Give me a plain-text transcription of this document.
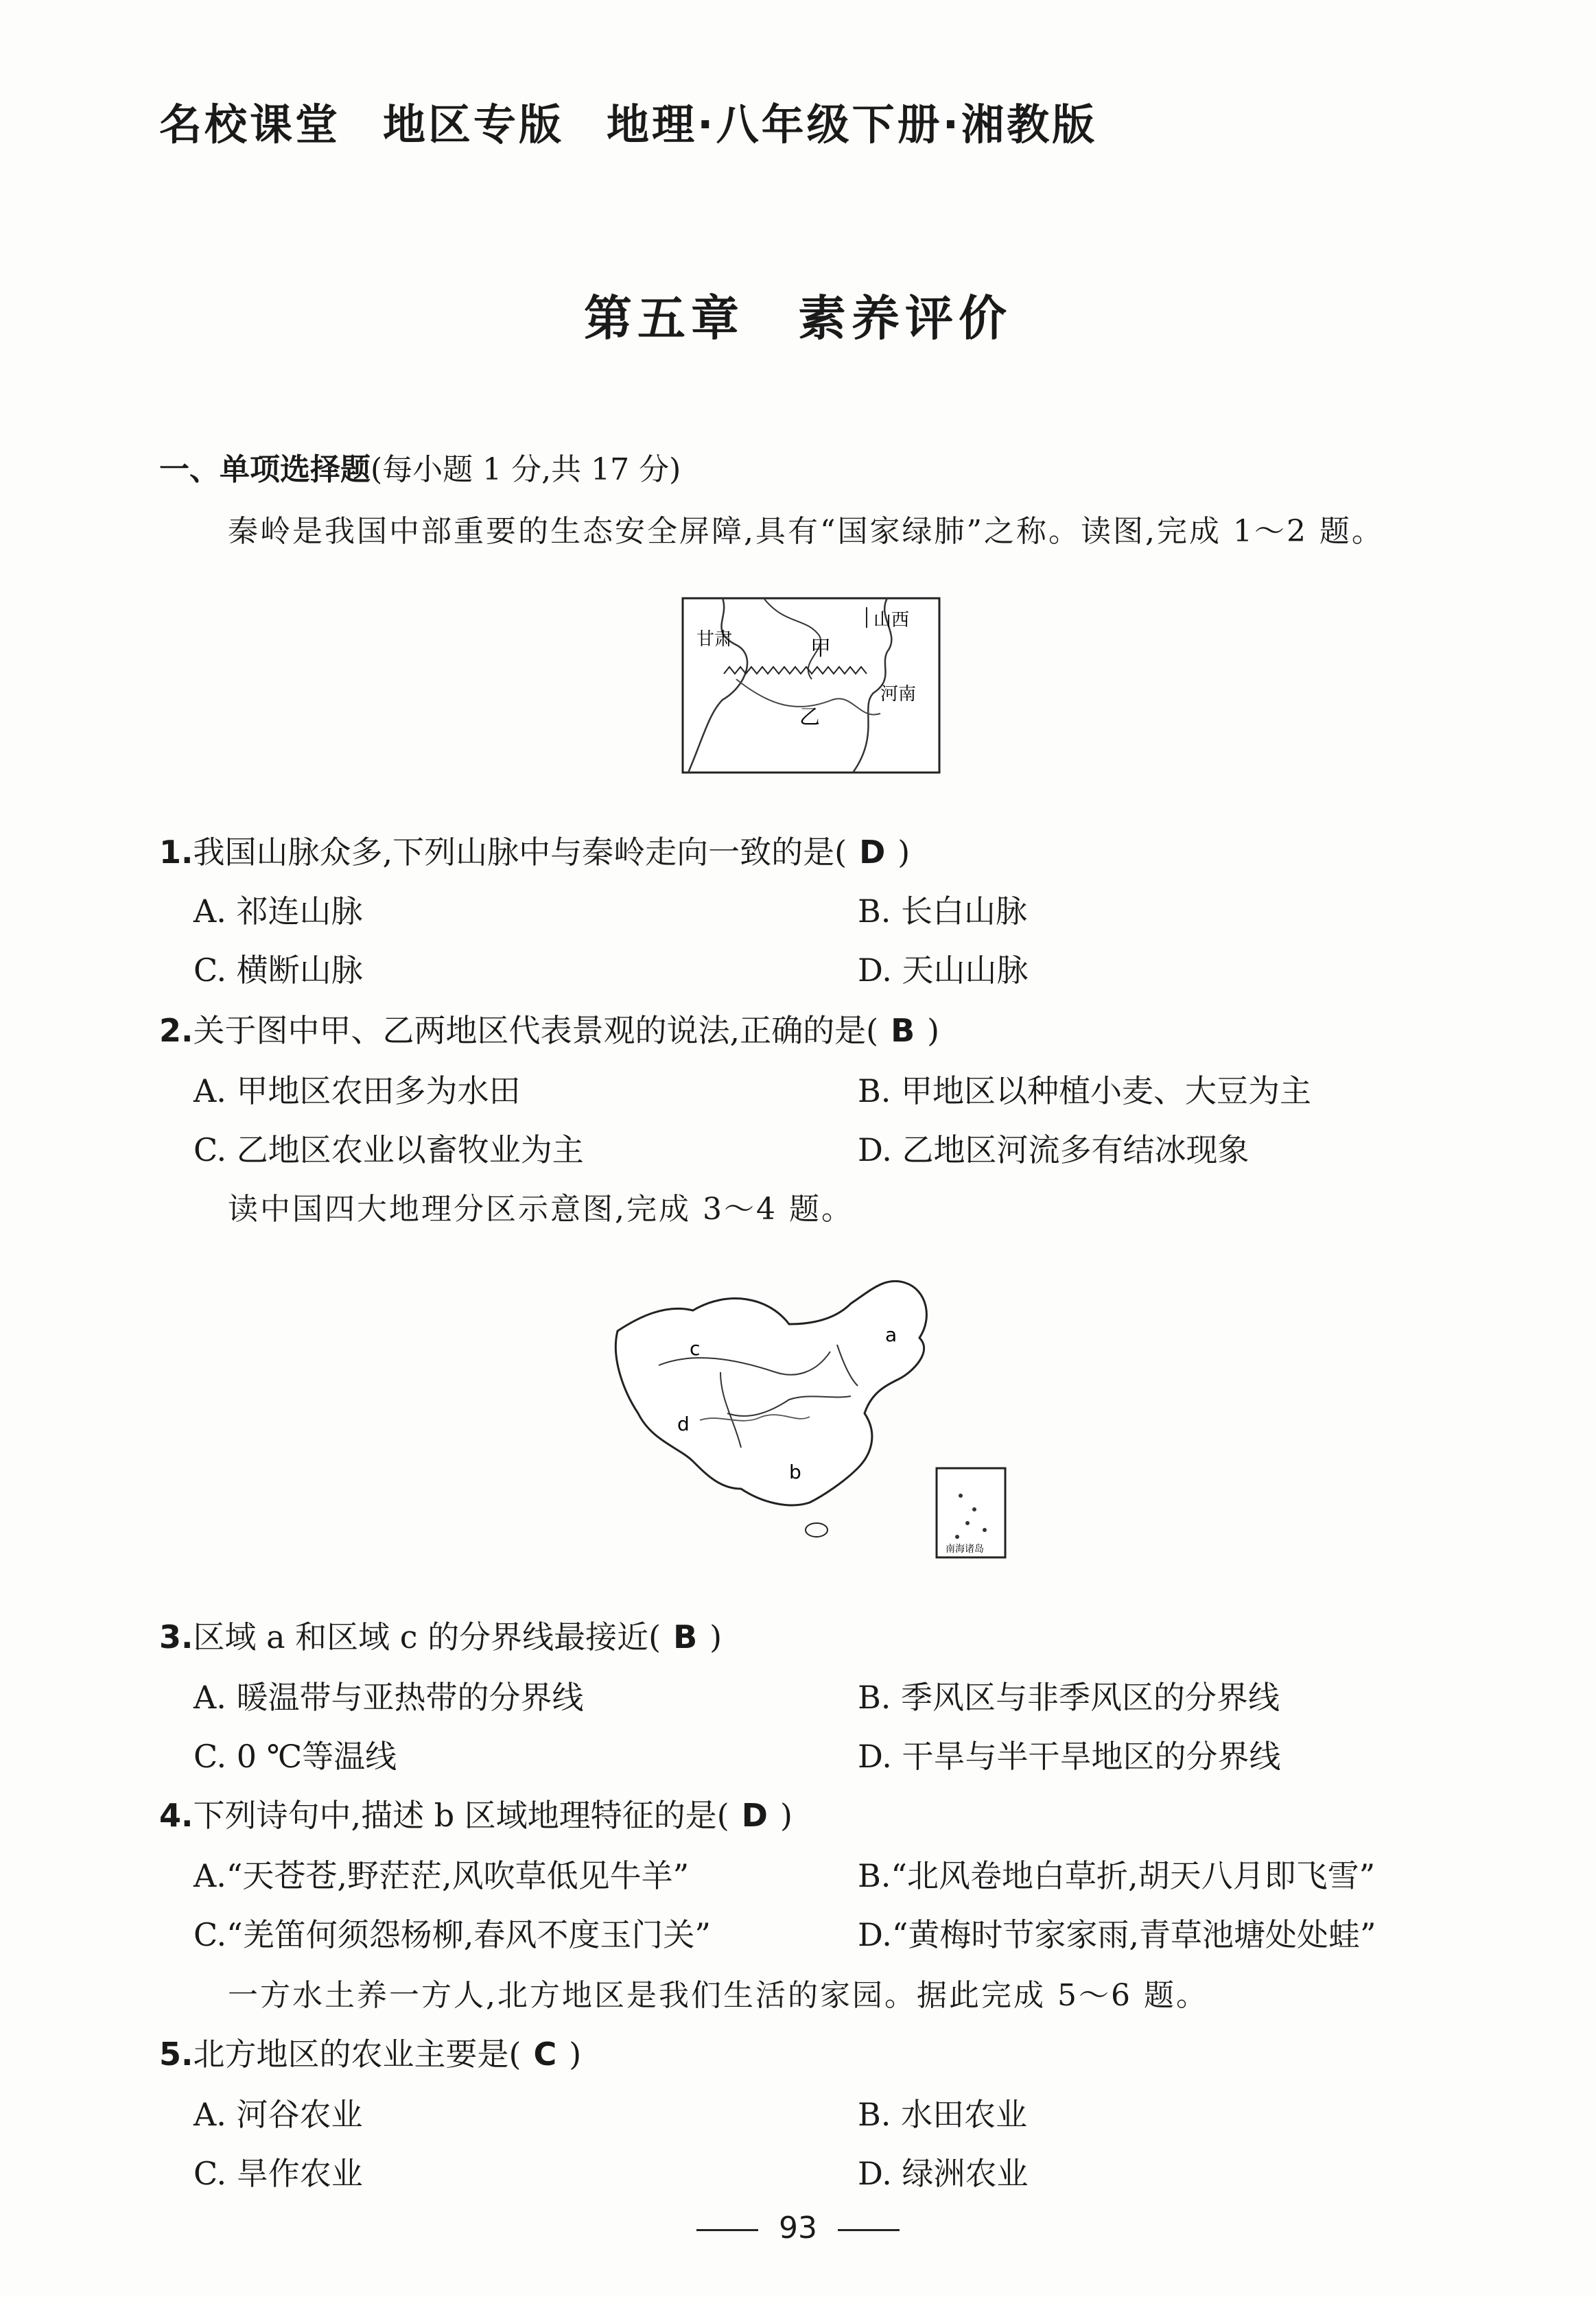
名校课堂 地区专版 地理·八年级下册·湘教版
第五章　素养评价
一、单项选择题(每小题 1 分,共 17 分)
秦岭是我国中部重要的生态安全屏障,具有“国家绿肺”之称。读图,完成 1～2 题。
甘肃
山西
甲
河南
乙
1.我国山脉众多,下列山脉中与秦岭走向一致的是( D )
A. 祁连山脉	B. 长白山脉
C. 横断山脉	D. 天山山脉
2.关于图中甲、乙两地区代表景观的说法,正确的是( B )
A. 甲地区农田多为水田	B. 甲地区以种植小麦、大豆为主
C. 乙地区农业以畜牧业为主	D. 乙地区河流多有结冰现象
读中国四大地理分区示意图,完成 3～4 题。
南海诸岛
a
b
c
d
3.区域 a 和区域 c 的分界线最接近( B )
A. 暖温带与亚热带的分界线	B. 季风区与非季风区的分界线
C. 0 ℃等温线	D. 干旱与半干旱地区的分界线
4.下列诗句中,描述 b 区域地理特征的是( D )
A.“天苍苍,野茫茫,风吹草低见牛羊”	B.“北风卷地白草折,胡天八月即飞雪”
C.“羌笛何须怨杨柳,春风不度玉门关”	D.“黄梅时节家家雨,青草池塘处处蛙”
一方水土养一方人,北方地区是我们生活的家园。据此完成 5～6 题。
5.北方地区的农业主要是( C )
A. 河谷农业	B. 水田农业
C. 旱作农业	D. 绿洲农业
93
